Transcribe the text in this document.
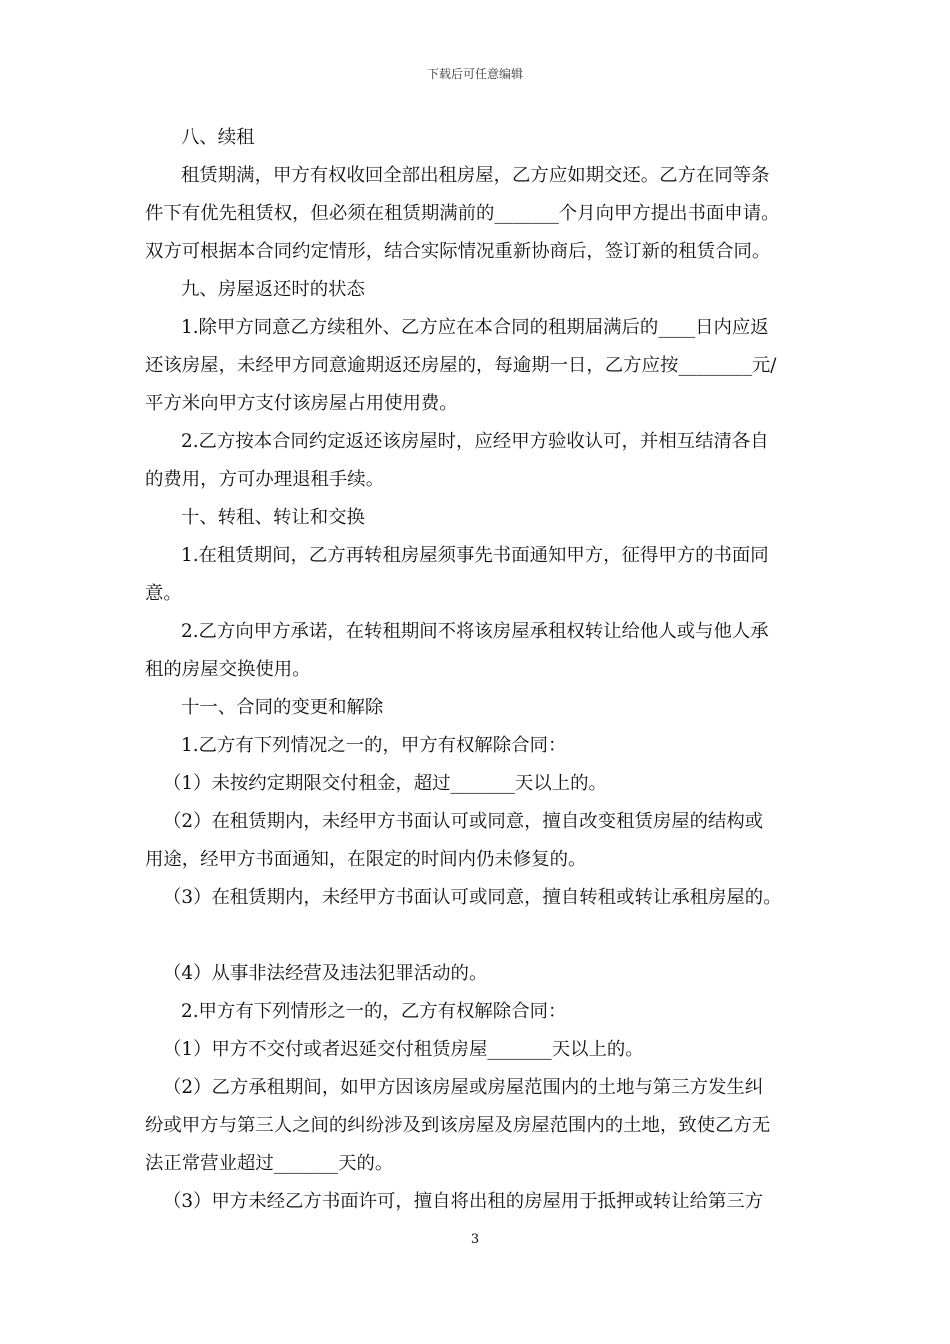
下载后可任意编辑
八、续租
租赁期满，甲方有权收回全部出租房屋，乙方应如期交还。乙方在同等条
件下有优先租赁权，但必须在租赁期满前的_______个月向甲方提出书面申请。
双方可根据本合同约定情形，结合实际情况重新协商后，签订新的租赁合同。
九、房屋返还时的状态
1.除甲方同意乙方续租外、乙方应在本合同的租期届满后的____日内应返
还该房屋，未经甲方同意逾期返还房屋的，每逾期一日，乙方应按________元/
平方米向甲方支付该房屋占用使用费。
2.乙方按本合同约定返还该房屋时，应经甲方验收认可，并相互结清各自
的费用，方可办理退租手续。
十、转租、转让和交换
1.在租赁期间，乙方再转租房屋须事先书面通知甲方，征得甲方的书面同
意。
2.乙方向甲方承诺，在转租期间不将该房屋承租权转让给他人或与他人承
租的房屋交换使用。
十一、合同的变更和解除
1.乙方有下列情况之一的，甲方有权解除合同：
（1）未按约定期限交付租金，超过_______天以上的。
（2）在租赁期内，未经甲方书面认可或同意，擅自改变租赁房屋的结构或
用途，经甲方书面通知，在限定的时间内仍未修复的。
（3）在租赁期内，未经甲方书面认可或同意，擅自转租或转让承租房屋的。
（4）从事非法经营及违法犯罪活动的。
2.甲方有下列情形之一的，乙方有权解除合同：
（1）甲方不交付或者迟延交付租赁房屋_______天以上的。
（2）乙方承租期间，如甲方因该房屋或房屋范围内的土地与第三方发生纠
纷或甲方与第三人之间的纠纷涉及到该房屋及房屋范围内的土地，致使乙方无
法正常营业超过_______天的。
（3）甲方未经乙方书面许可，擅自将出租的房屋用于抵押或转让给第三方
3
